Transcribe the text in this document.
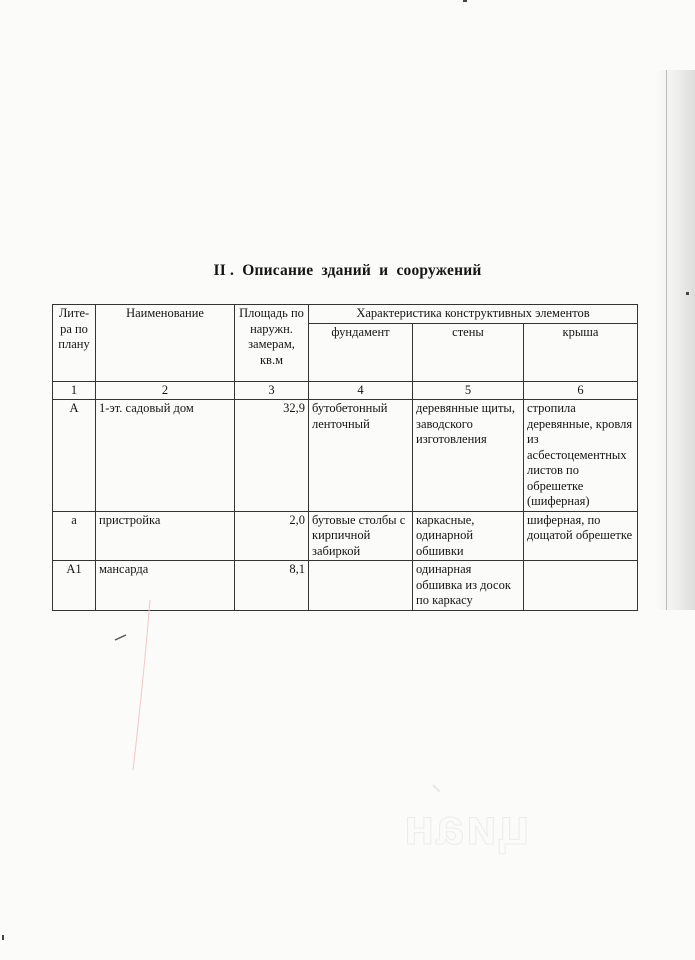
II .  Описание  зданий  и  сооружений
Лите-ра по плану	Наименование	Площадь по наружн. замерам, кв.м	Характеристика конструктивных элементов		
			фундамент	стены	крыша
1	2	3	4	5	6
А	1-эт. садовый дом	32,9	бутобетонный ленточный	деревянные щиты, заводского изготовления	стропила деревянные, кровля из асбестоцементных листов по обрешетке (шиферная)
а	пристройка	2,0	бутовые столбы с кирпичной забиркой	каркасные, одинарной обшивки	шиферная, по дощатой обрешетке
А1	мансарда	8,1		одинарная обшивка из досок по каркасу	
циан
